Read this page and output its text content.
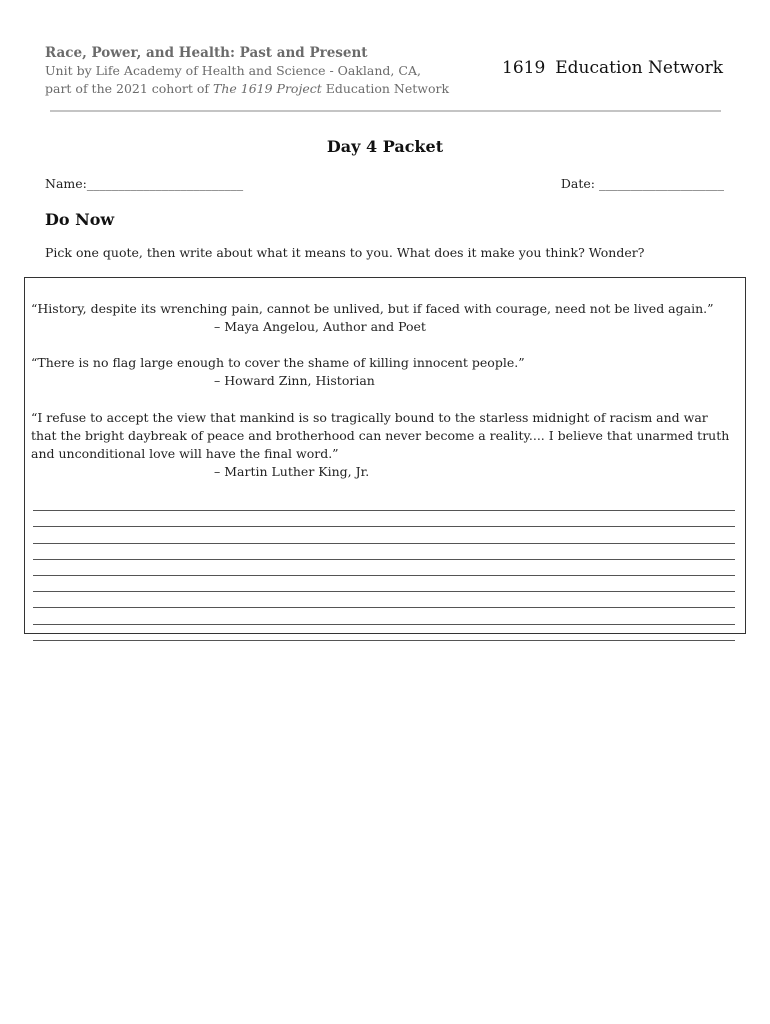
Race, Power, and Health: Past and Present
Unit by Life Academy of Health and Science - Oakland, CA,
part of the 2021 cohort of The 1619 Project Education Network
1619 Education Network
Day 4 Packet
Name:_________________________	Date: ____________________
Do Now
Pick one quote, then write about what it means to you. What does it make you think? Wonder?
“History, despite its wrenching pain, cannot be unlived, but if faced with courage, need not be lived again.”
– Maya Angelou, Author and Poet
“There is no flag large enough to cover the shame of killing innocent people.”
– Howard Zinn, Historian
“I refuse to accept the view that mankind is so tragically bound to the starless midnight of racism and war that the bright daybreak of peace and brotherhood can never become a reality.... I believe that unarmed truth and unconditional love will have the final word.”
– Martin Luther King, Jr.
